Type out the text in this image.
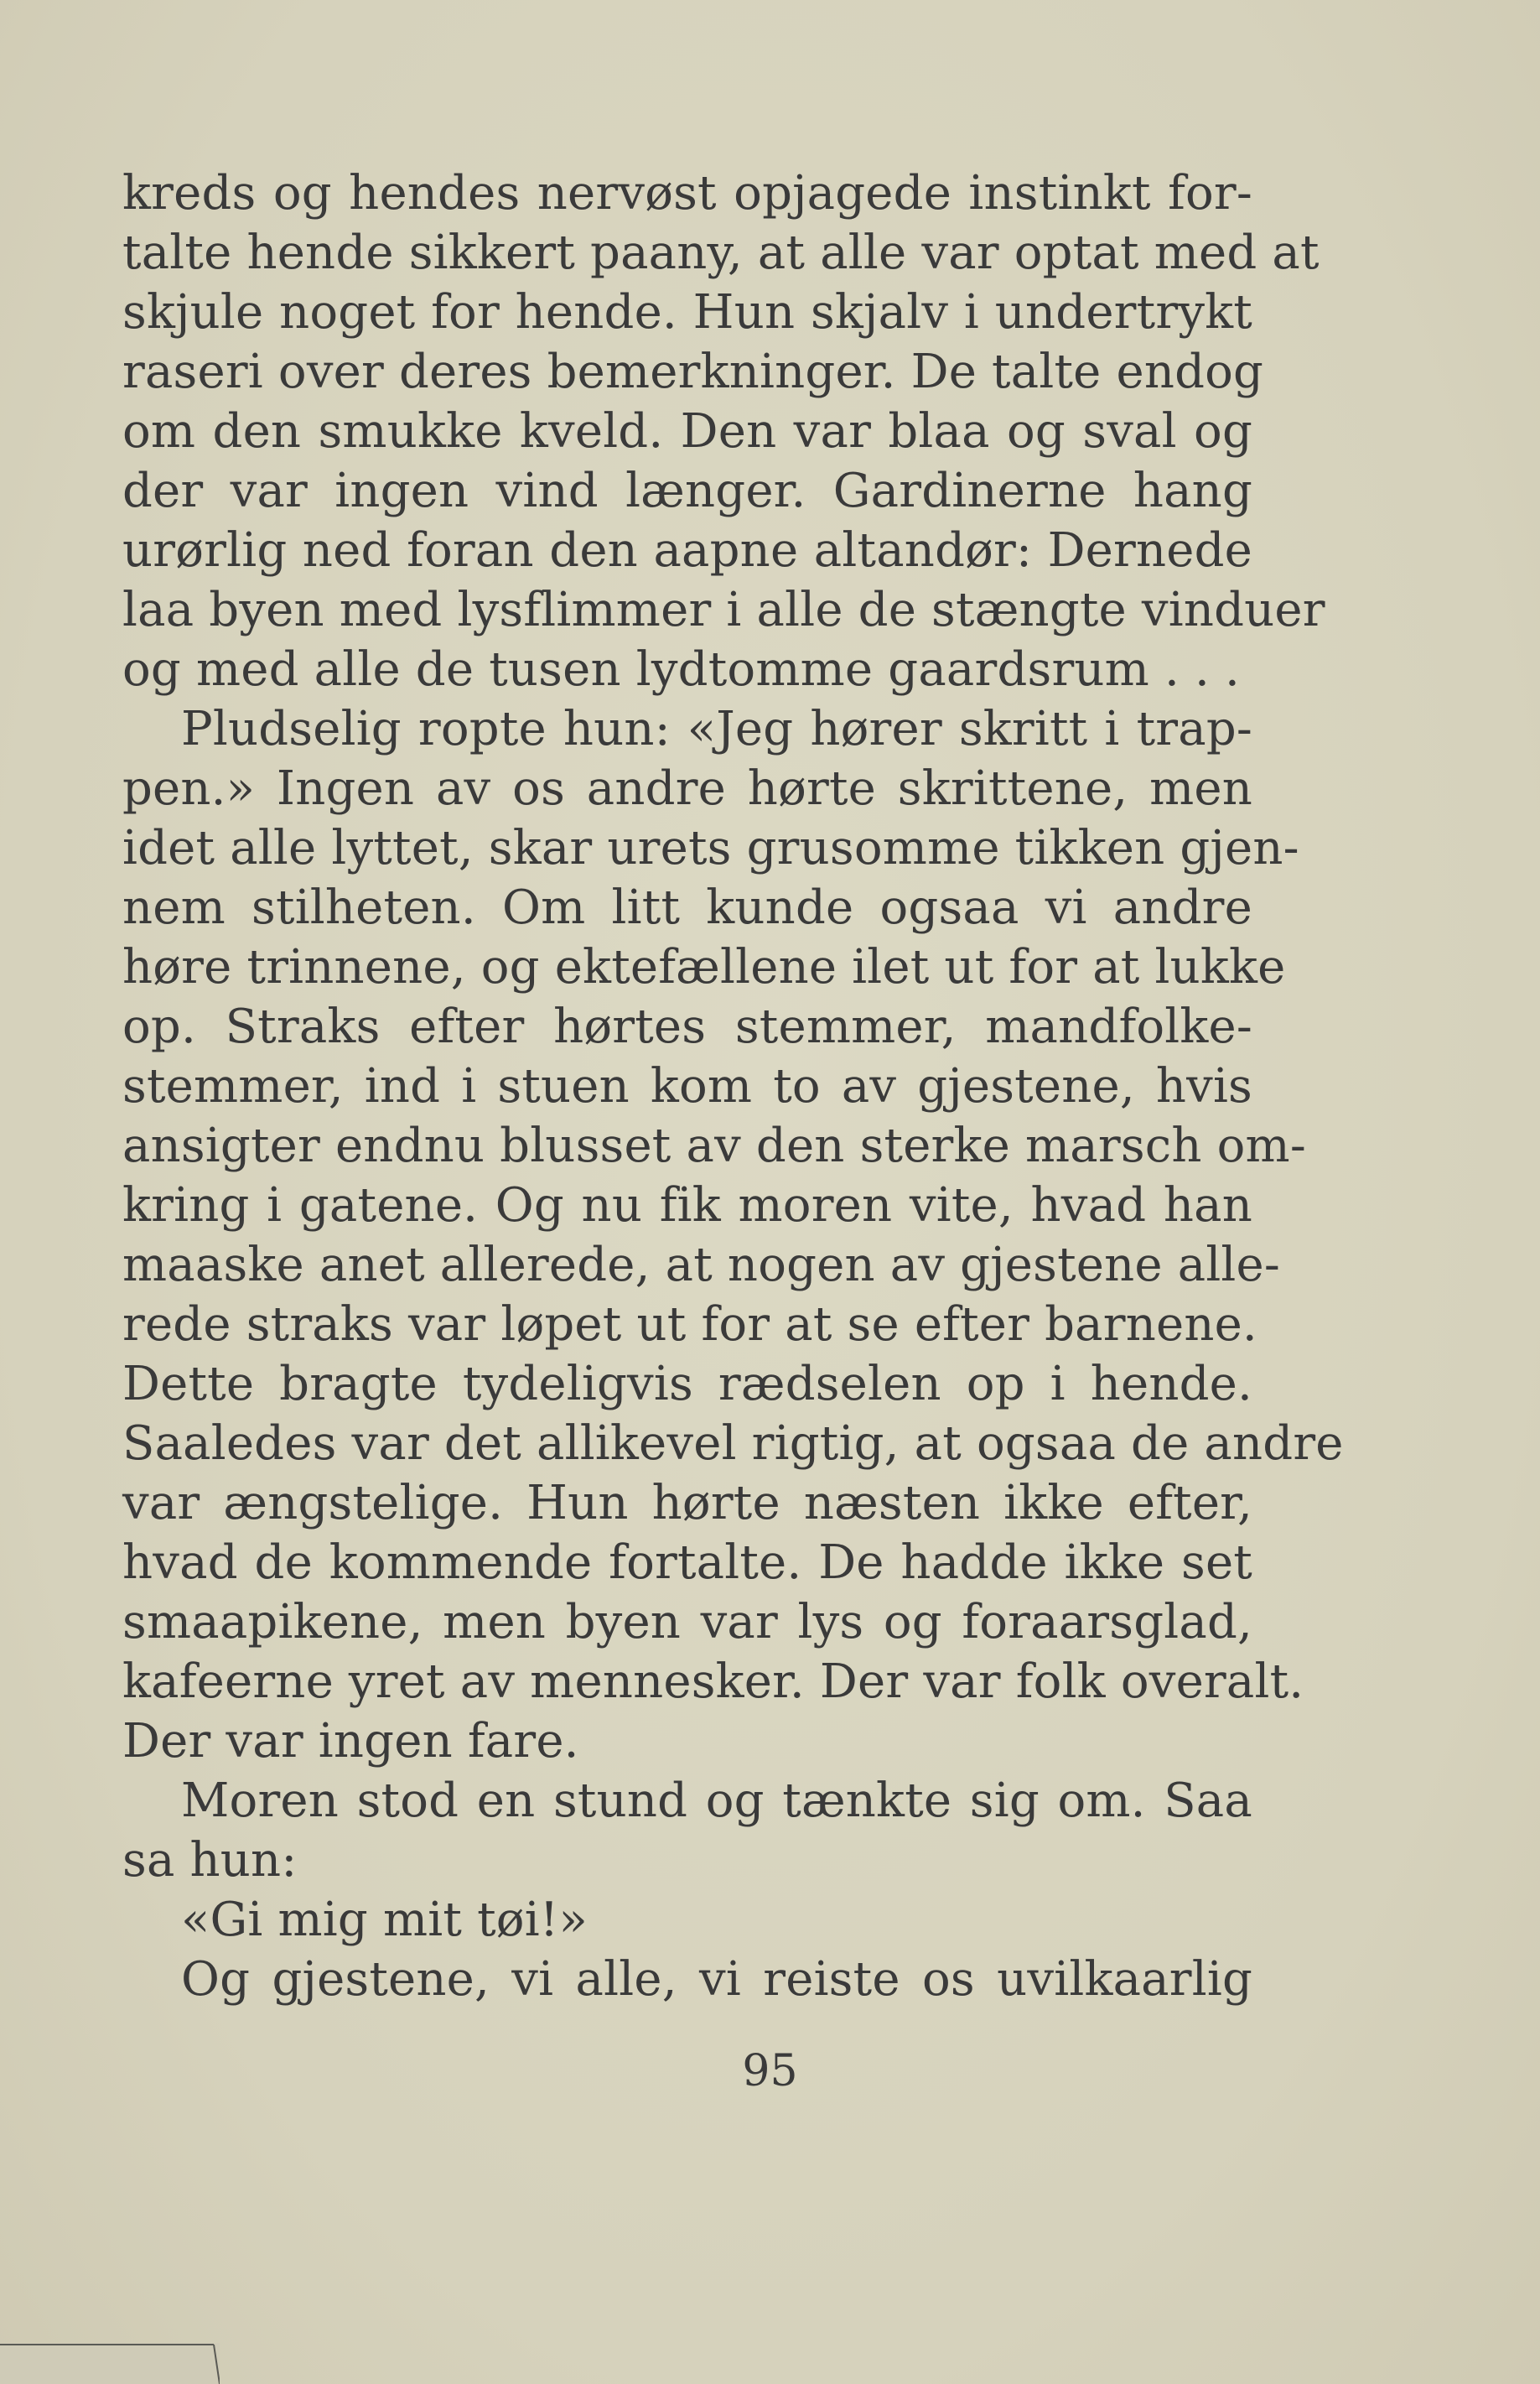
kreds og hendes nervøst opjagede instinkt for-
talte hende sikkert paany, at alle var optat med at
skjule noget for hende. Hun skjalv i undertrykt
raseri over deres bemerkninger. De talte endog
om den smukke kveld. Den var blaa og sval og
der var ingen vind længer. Gardinerne hang
urørlig ned foran den aapne altandør: Dernede
laa byen med lysflimmer i alle de stængte vinduer
og med alle de tusen lydtomme gaardsrum . . .
Pludselig ropte hun: «Jeg hører skritt i trap-
pen.» Ingen av os andre hørte skrittene, men
idet alle lyttet, skar urets grusomme tikken gjen-
nem stilheten. Om litt kunde ogsaa vi andre
høre trinnene, og ektefællene ilet ut for at lukke
op. Straks efter hørtes stemmer, mandfolke-
stemmer, ind i stuen kom to av gjestene, hvis
ansigter endnu blusset av den sterke marsch om-
kring i gatene. Og nu fik moren vite, hvad han
maaske anet allerede, at nogen av gjestene alle-
rede straks var løpet ut for at se efter barnene.
Dette bragte tydeligvis rædselen op i hende.
Saaledes var det allikevel rigtig, at ogsaa de andre
var ængstelige. Hun hørte næsten ikke efter,
hvad de kommende fortalte. De hadde ikke set
smaapikene, men byen var lys og foraarsglad,
kafeerne yret av mennesker. Der var folk overalt.
Der var ingen fare.
Moren stod en stund og tænkte sig om. Saa
sa hun:
«Gi mig mit tøi!»
Og gjestene, vi alle, vi reiste os uvilkaarlig
95
